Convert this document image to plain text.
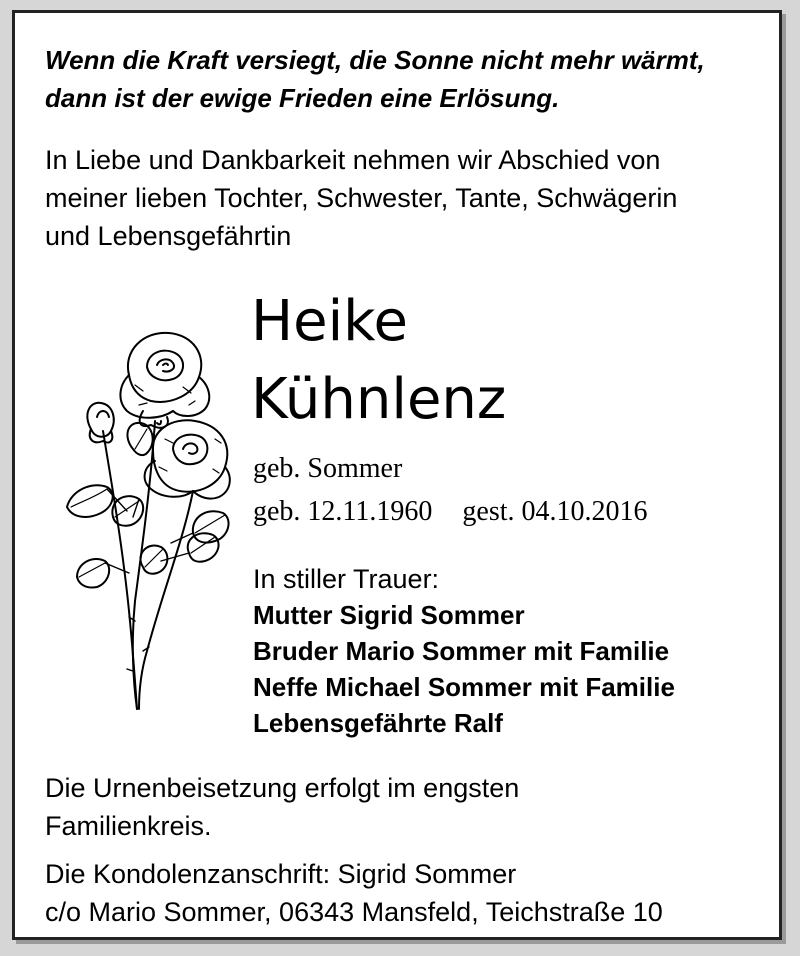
Wenn die Kraft versiegt, die Sonne nicht mehr wärmt,
dann ist der ewige Frieden eine Erlösung.

In Liebe und Dankbarkeit nehmen wir Abschied von
meiner lieben Tochter, Schwester, Tante, Schwägerin
und Lebensgefährtin

Heike
Kühnlenz

geb. Sommer

geb. 12.11.1960 gest. 04.10.2016

In stiller Trauer:

Mutter Sigrid Sommer
Bruder Mario Sommer mit Familie
Neffe Michael Sommer mit Familie
Lebensgefährte Ralf

Die Urnenbeisetzung erfolgt im engsten
Familienkreis.

Die Kondolenzanschrift: Sigrid Sommer
c/o Mario Sommer, 06343 Mansfeld, Teichstraße 10
